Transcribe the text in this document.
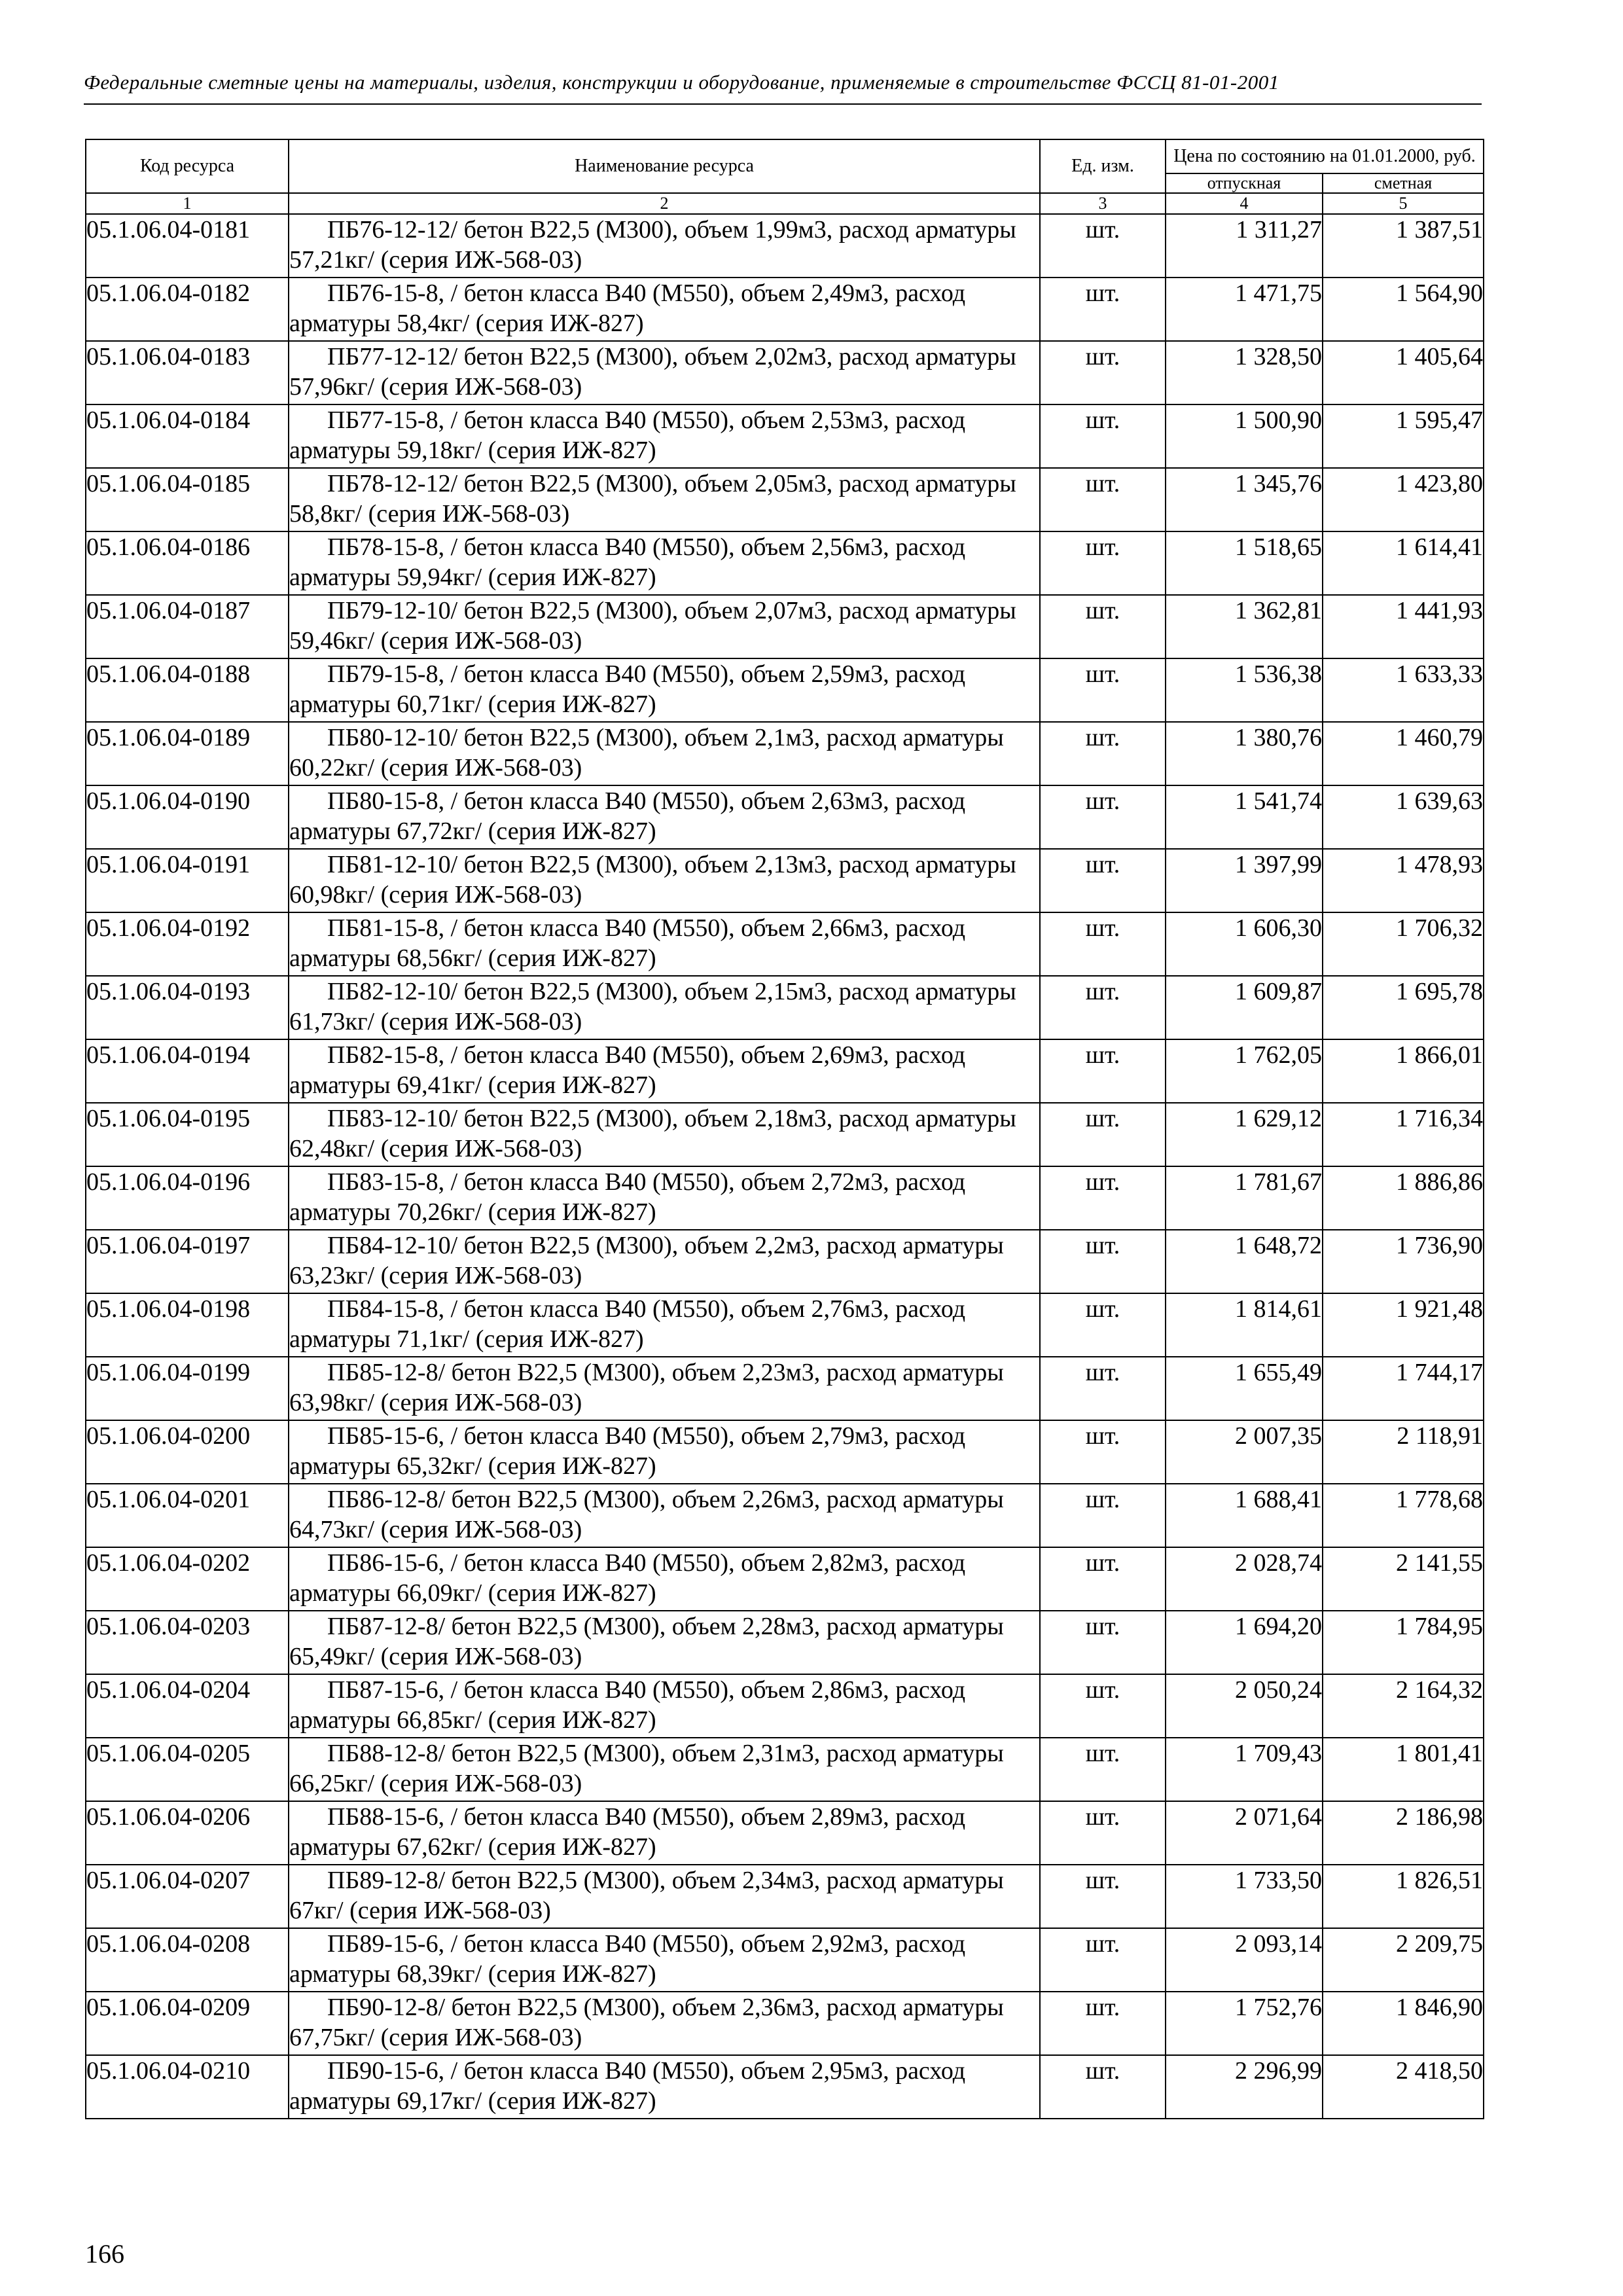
Федеральные сметные цены на материалы, изделия, конструкции и оборудование, применяемые в строительстве ФССЦ 81-01-2001
Код ресурса	Наименование ресурса	Ед. изм.	Цена по состоянию на 01.01.2000, руб.	

			отпускная	сметная
1	2	3	4	5
05.1.06.04-0181	ПБ76-12-12/ бетон В22,5 (М300), объем 1,99м3, расход арматуры 57,21кг/ (серия ИЖ-568-03)	шт.	1 311,27	1 387,51
05.1.06.04-0182	ПБ76-15-8, / бетон класса В40 (М550), объем 2,49м3, расход арматуры 58,4кг/ (серия ИЖ-827)	шт.	1 471,75	1 564,90
05.1.06.04-0183	ПБ77-12-12/ бетон В22,5 (М300), объем 2,02м3, расход арматуры 57,96кг/ (серия ИЖ-568-03)	шт.	1 328,50	1 405,64
05.1.06.04-0184	ПБ77-15-8, / бетон класса В40 (М550), объем 2,53м3, расход арматуры 59,18кг/ (серия ИЖ-827)	шт.	1 500,90	1 595,47
05.1.06.04-0185	ПБ78-12-12/ бетон В22,5 (М300), объем 2,05м3, расход арматуры 58,8кг/ (серия ИЖ-568-03)	шт.	1 345,76	1 423,80
05.1.06.04-0186	ПБ78-15-8, / бетон класса В40 (М550), объем 2,56м3, расход арматуры 59,94кг/ (серия ИЖ-827)	шт.	1 518,65	1 614,41
05.1.06.04-0187	ПБ79-12-10/ бетон В22,5 (М300), объем 2,07м3, расход арматуры 59,46кг/ (серия ИЖ-568-03)	шт.	1 362,81	1 441,93
05.1.06.04-0188	ПБ79-15-8, / бетон класса В40 (М550), объем 2,59м3, расход арматуры 60,71кг/ (серия ИЖ-827)	шт.	1 536,38	1 633,33
05.1.06.04-0189	ПБ80-12-10/ бетон В22,5 (М300), объем 2,1м3, расход арматуры 60,22кг/ (серия ИЖ-568-03)	шт.	1 380,76	1 460,79
05.1.06.04-0190	ПБ80-15-8, / бетон класса В40 (М550), объем 2,63м3, расход арматуры 67,72кг/ (серия ИЖ-827)	шт.	1 541,74	1 639,63
05.1.06.04-0191	ПБ81-12-10/ бетон В22,5 (М300), объем 2,13м3, расход арматуры 60,98кг/ (серия ИЖ-568-03)	шт.	1 397,99	1 478,93
05.1.06.04-0192	ПБ81-15-8, / бетон класса В40 (М550), объем 2,66м3, расход арматуры 68,56кг/ (серия ИЖ-827)	шт.	1 606,30	1 706,32
05.1.06.04-0193	ПБ82-12-10/ бетон В22,5 (М300), объем 2,15м3, расход арматуры 61,73кг/ (серия ИЖ-568-03)	шт.	1 609,87	1 695,78
05.1.06.04-0194	ПБ82-15-8, / бетон класса В40 (М550), объем 2,69м3, расход арматуры 69,41кг/ (серия ИЖ-827)	шт.	1 762,05	1 866,01
05.1.06.04-0195	ПБ83-12-10/ бетон В22,5 (М300), объем 2,18м3, расход арматуры 62,48кг/ (серия ИЖ-568-03)	шт.	1 629,12	1 716,34
05.1.06.04-0196	ПБ83-15-8, / бетон класса В40 (М550), объем 2,72м3, расход арматуры 70,26кг/ (серия ИЖ-827)	шт.	1 781,67	1 886,86
05.1.06.04-0197	ПБ84-12-10/ бетон В22,5 (М300), объем 2,2м3, расход арматуры 63,23кг/ (серия ИЖ-568-03)	шт.	1 648,72	1 736,90
05.1.06.04-0198	ПБ84-15-8, / бетон класса В40 (М550), объем 2,76м3, расход арматуры 71,1кг/ (серия ИЖ-827)	шт.	1 814,61	1 921,48
05.1.06.04-0199	ПБ85-12-8/ бетон В22,5 (М300), объем 2,23м3, расход арматуры 63,98кг/ (серия ИЖ-568-03)	шт.	1 655,49	1 744,17
05.1.06.04-0200	ПБ85-15-6, / бетон класса В40 (М550), объем 2,79м3, расход арматуры 65,32кг/ (серия ИЖ-827)	шт.	2 007,35	2 118,91
05.1.06.04-0201	ПБ86-12-8/ бетон В22,5 (М300), объем 2,26м3, расход арматуры 64,73кг/ (серия ИЖ-568-03)	шт.	1 688,41	1 778,68
05.1.06.04-0202	ПБ86-15-6, / бетон класса В40 (М550), объем 2,82м3, расход арматуры 66,09кг/ (серия ИЖ-827)	шт.	2 028,74	2 141,55
05.1.06.04-0203	ПБ87-12-8/ бетон В22,5 (М300), объем 2,28м3, расход арматуры 65,49кг/ (серия ИЖ-568-03)	шт.	1 694,20	1 784,95
05.1.06.04-0204	ПБ87-15-6, / бетон класса В40 (М550), объем 2,86м3, расход арматуры 66,85кг/ (серия ИЖ-827)	шт.	2 050,24	2 164,32
05.1.06.04-0205	ПБ88-12-8/ бетон В22,5 (М300), объем 2,31м3, расход арматуры 66,25кг/ (серия ИЖ-568-03)	шт.	1 709,43	1 801,41
05.1.06.04-0206	ПБ88-15-6, / бетон класса В40 (М550), объем 2,89м3, расход арматуры 67,62кг/ (серия ИЖ-827)	шт.	2 071,64	2 186,98
05.1.06.04-0207	ПБ89-12-8/ бетон В22,5 (М300), объем 2,34м3, расход арматуры 67кг/ (серия ИЖ-568-03)	шт.	1 733,50	1 826,51
05.1.06.04-0208	ПБ89-15-6, / бетон класса В40 (М550), объем 2,92м3, расход арматуры 68,39кг/ (серия ИЖ-827)	шт.	2 093,14	2 209,75
05.1.06.04-0209	ПБ90-12-8/ бетон В22,5 (М300), объем 2,36м3, расход арматуры 67,75кг/ (серия ИЖ-568-03)	шт.	1 752,76	1 846,90
05.1.06.04-0210	ПБ90-15-6, / бетон класса В40 (М550), объем 2,95м3, расход арматуры 69,17кг/ (серия ИЖ-827)	шт.	2 296,99	2 418,50
166
